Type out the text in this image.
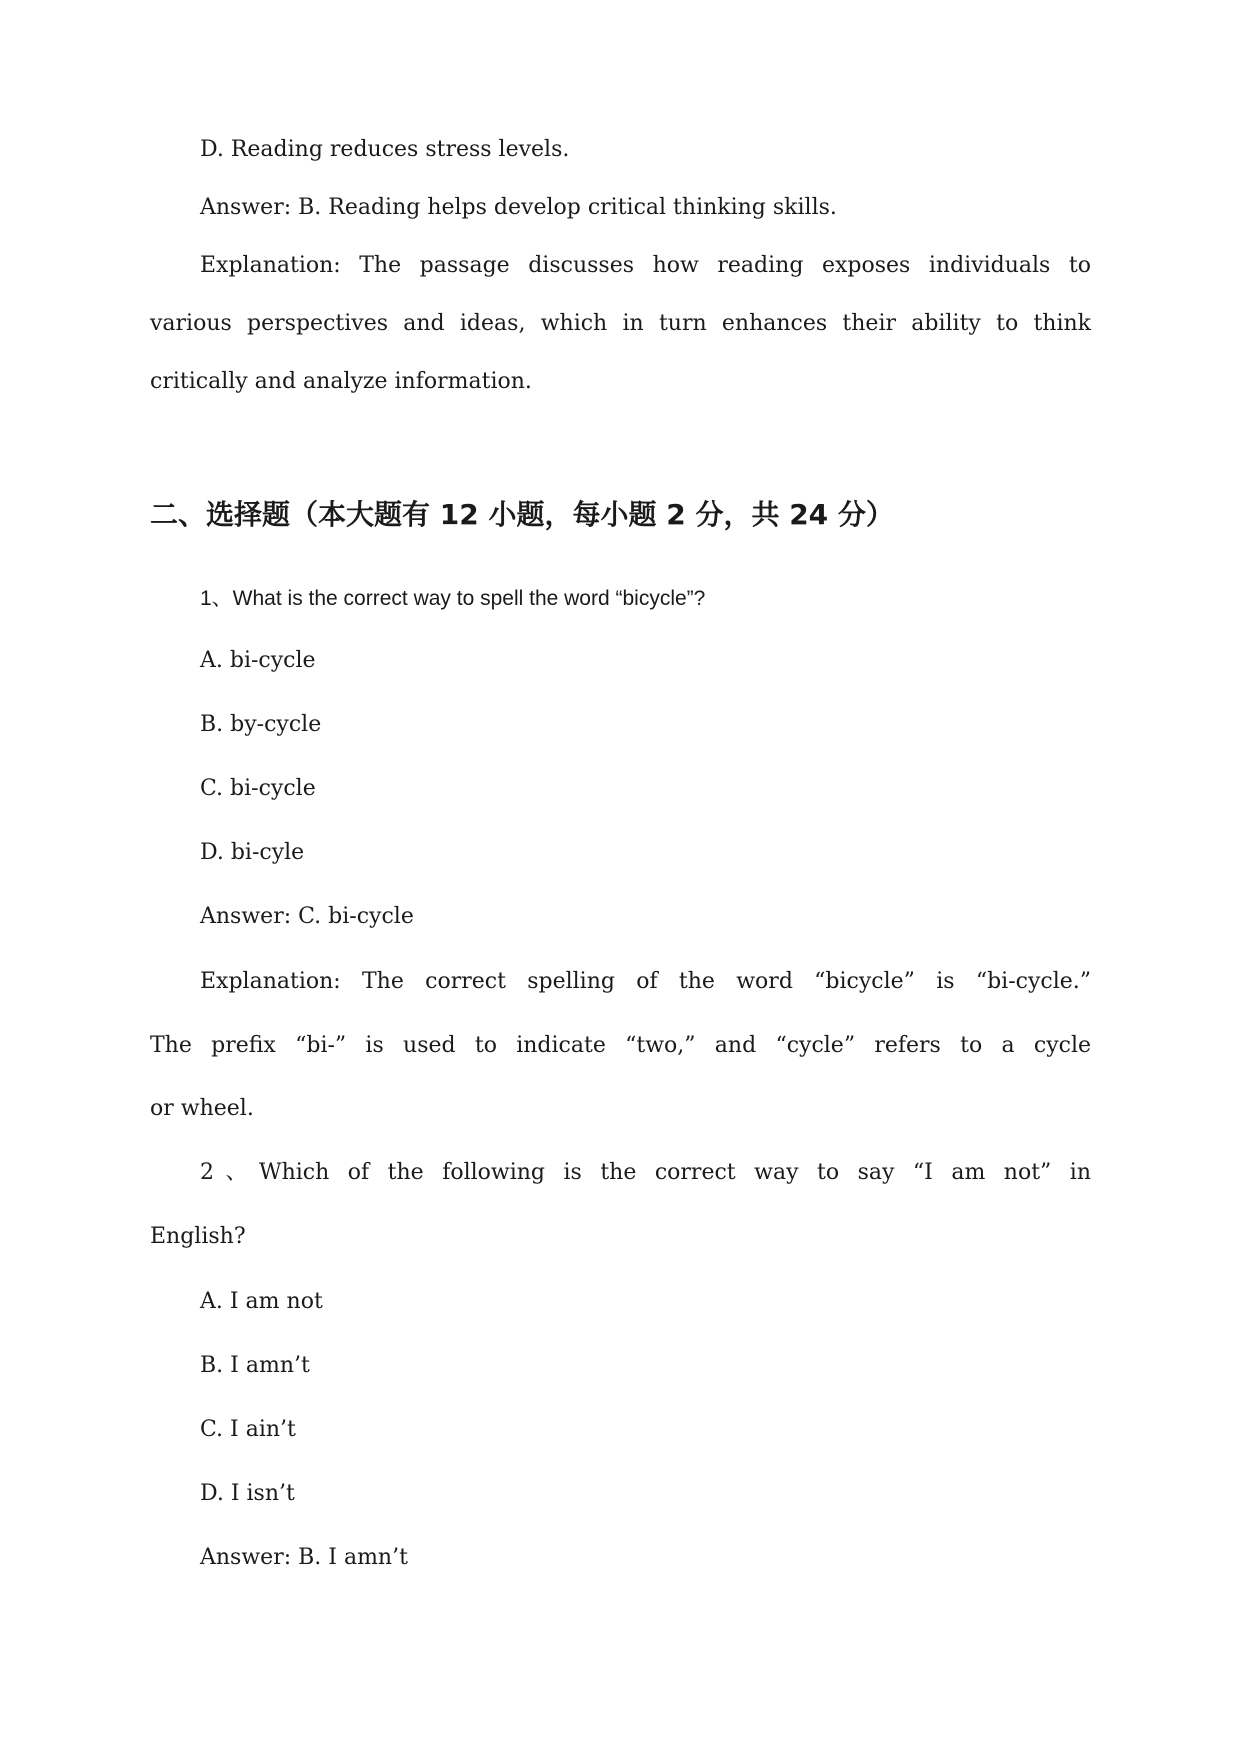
D. Reading reduces stress levels.
Answer: B. Reading helps develop critical thinking skills.
Explanation: The passage discusses how reading exposes individuals to
various perspectives and ideas, which in turn enhances their ability to think
critically and analyze information.
二、选择题（本大题有 12 小题，每小题 2 分，共 24 分）
1、What is the correct way to spell the word “bicycle”?
A. bi-cycle
B. by-cycle
C. bi-cycle
D. bi-cyle
Answer: C. bi-cycle
Explanation: The correct spelling of the word “bicycle” is “bi-cycle.”
The prefix “bi-” is used to indicate “two,” and “cycle” refers to a cycle
or wheel.
2、Which of the following is the correct way to say “I am not” in
English?
A. I am not
B. I amn’t
C. I ain’t
D. I isn’t
Answer: B. I amn’t
